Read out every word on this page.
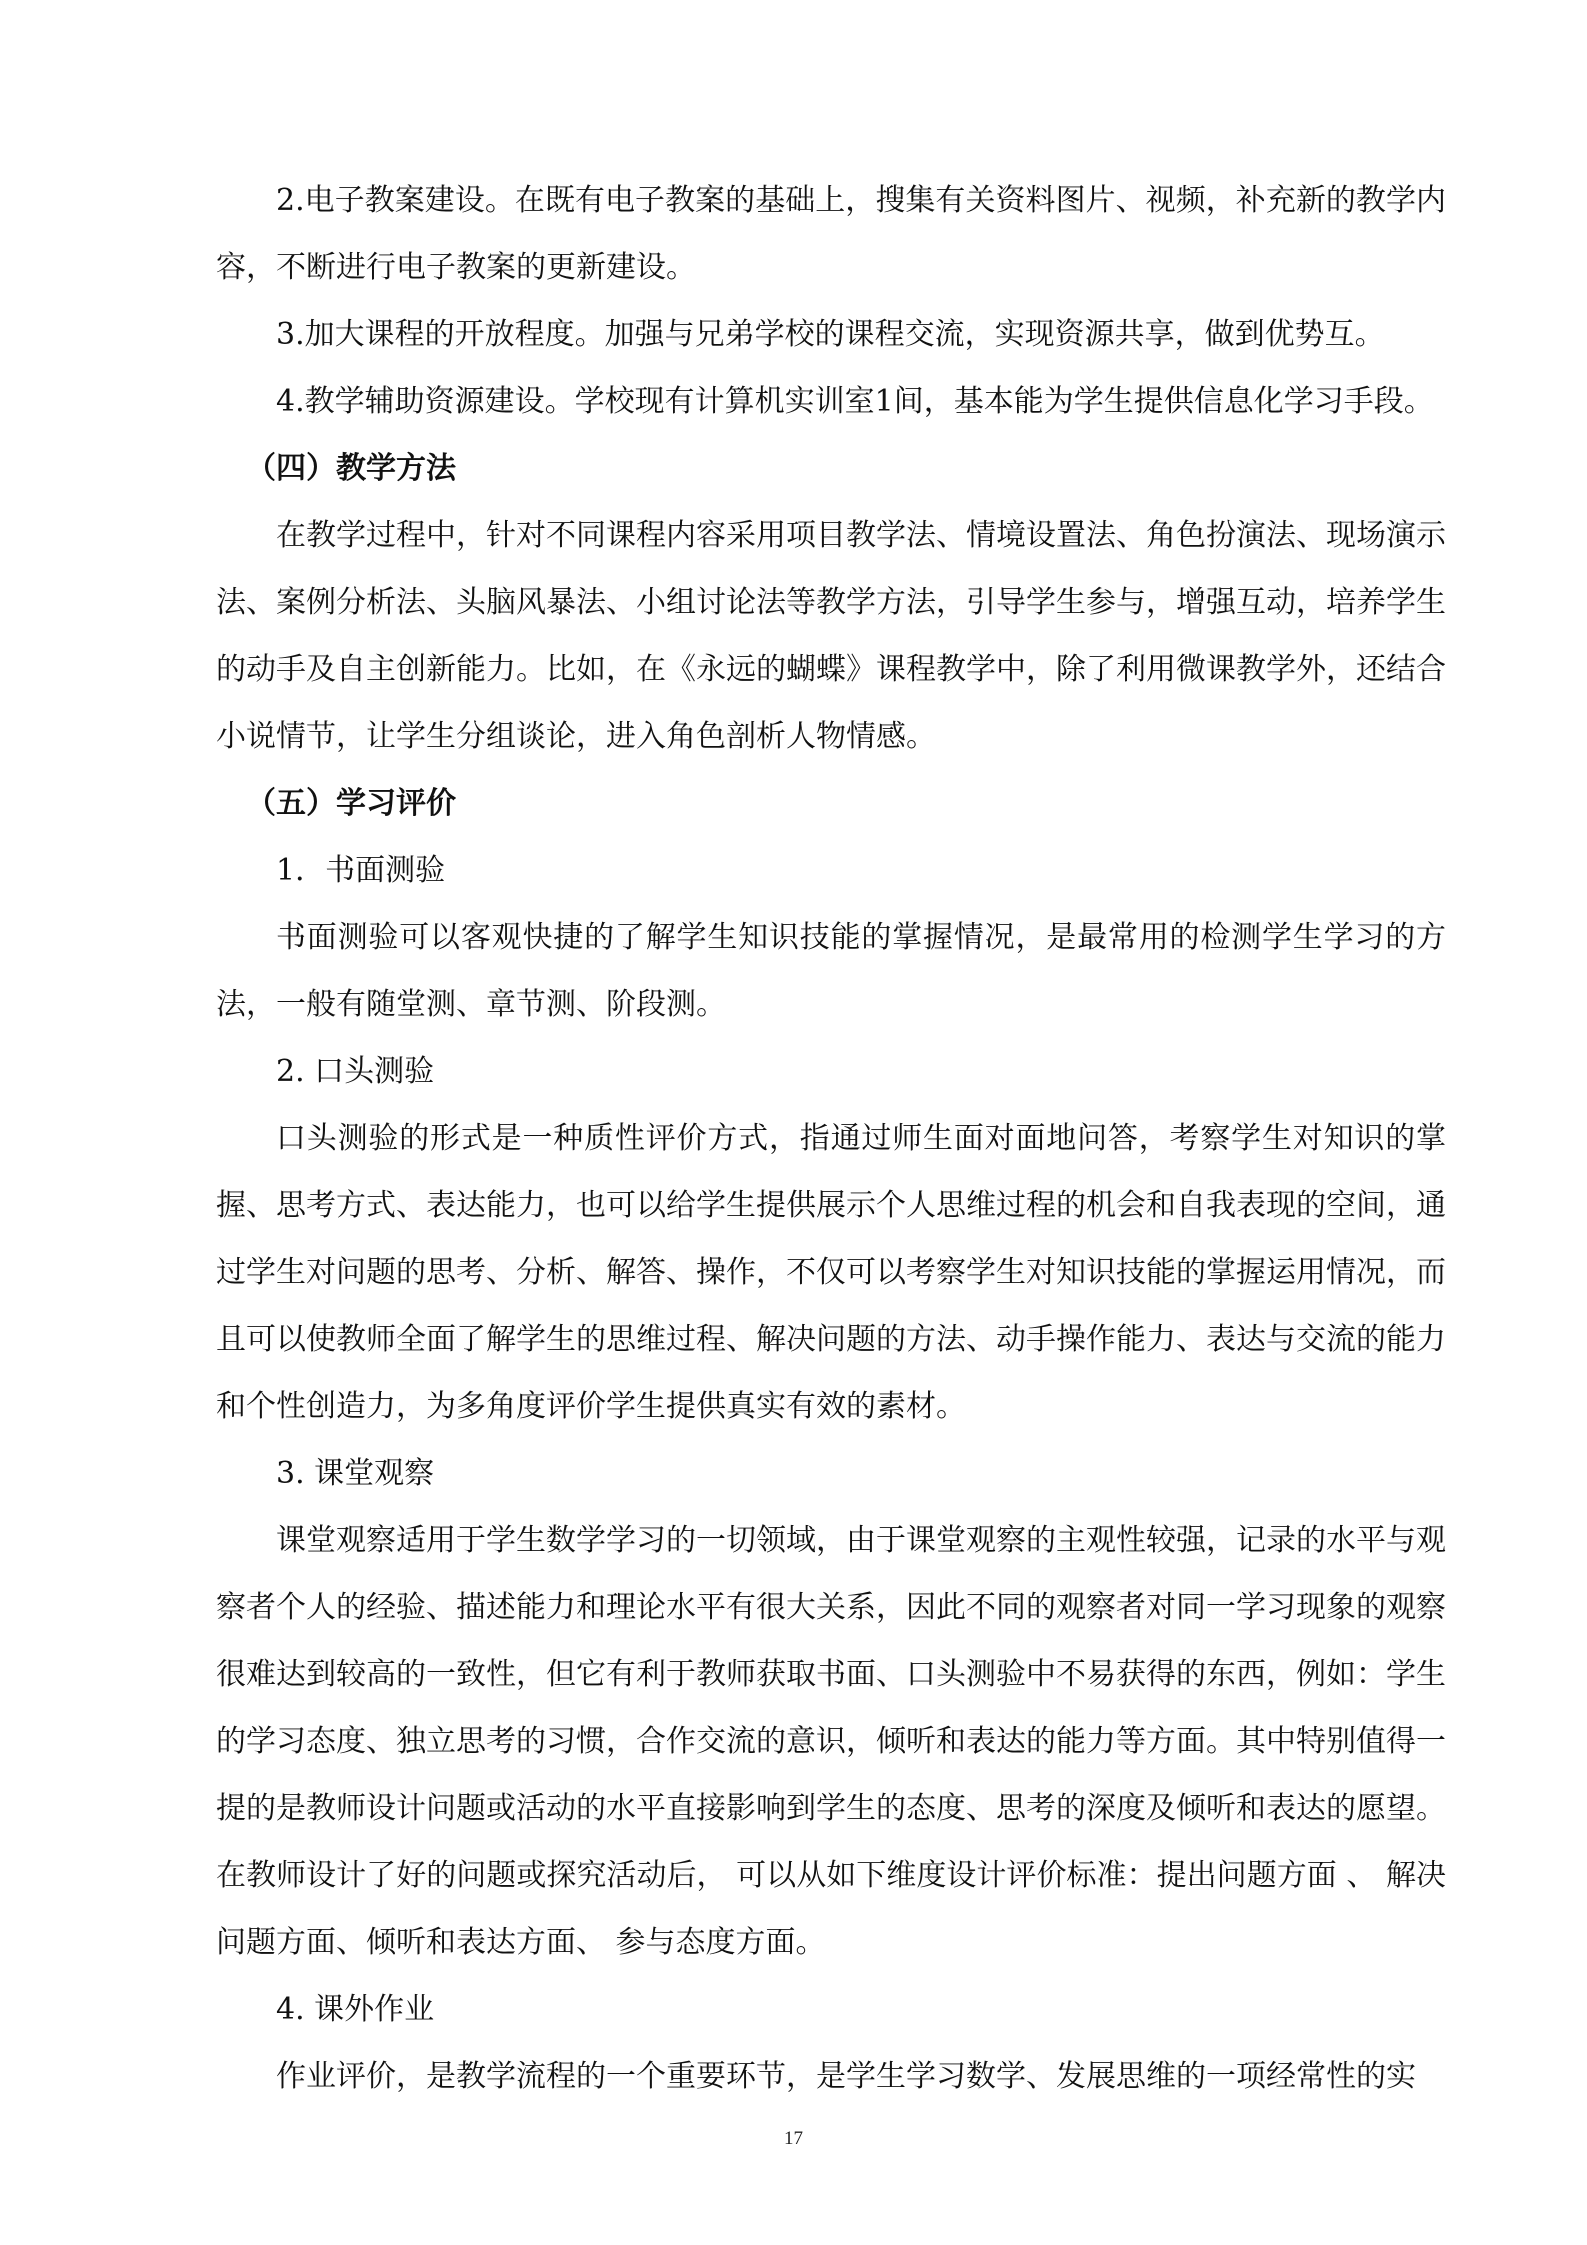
2.电子教案建设。在既有电子教案的基础上，搜集有关资料图片、视频，补充新的教学内容，不断进行电子教案的更新建设。

3.加大课程的开放程度。加强与兄弟学校的课程交流，实现资源共享，做到优势互。

4.教学辅助资源建设。学校现有计算机实训室1间，基本能为学生提供信息化学习手段。

（四）教学方法

在教学过程中，针对不同课程内容采用项目教学法、情境设置法、角色扮演法、现场演示法、案例分析法、头脑风暴法、小组讨论法等教学方法，引导学生参与，增强互动，培养学生的动手及自主创新能力。比如，在《永远的蝴蝶》课程教学中，除了利用微课教学外，还结合小说情节，让学生分组谈论，进入角色剖析人物情感。

（五）学习评价

1．书面测验

书面测验可以客观快捷的了解学生知识技能的掌握情况，是最常用的检测学生学习的方法，一般有随堂测、章节测、阶段测。

2. 口头测验

口头测验的形式是一种质性评价方式，指通过师生面对面地问答，考察学生对知识的掌握、思考方式、表达能力，也可以给学生提供展示个人思维过程的机会和自我表现的空间，通过学生对问题的思考、分析、解答、操作，不仅可以考察学生对知识技能的掌握运用情况，而且可以使教师全面了解学生的思维过程、解决问题的方法、动手操作能力、表达与交流的能力和个性创造力，为多角度评价学生提供真实有效的素材。

3. 课堂观察

课堂观察适用于学生数学学习的一切领域，由于课堂观察的主观性较强，记录的水平与观察者个人的经验、描述能力和理论水平有很大关系，因此不同的观察者对同一学习现象的观察很难达到较高的一致性，但它有利于教师获取书面、口头测验中不易获得的东西，例如：学生的学习态度、独立思考的习惯，合作交流的意识，倾听和表达的能力等方面。其中特别值得一提的是教师设计问题或活动的水平直接影响到学生的态度、思考的深度及倾听和表达的愿望。在教师设计了好的问题或探究活动后， 可以从如下维度设计评价标准：提出问题方面 、 解决问题方面、倾听和表达方面、 参与态度方面。

4. 课外作业

作业评价，是教学流程的一个重要环节，是学生学习数学、发展思维的一项经常性的实

17
